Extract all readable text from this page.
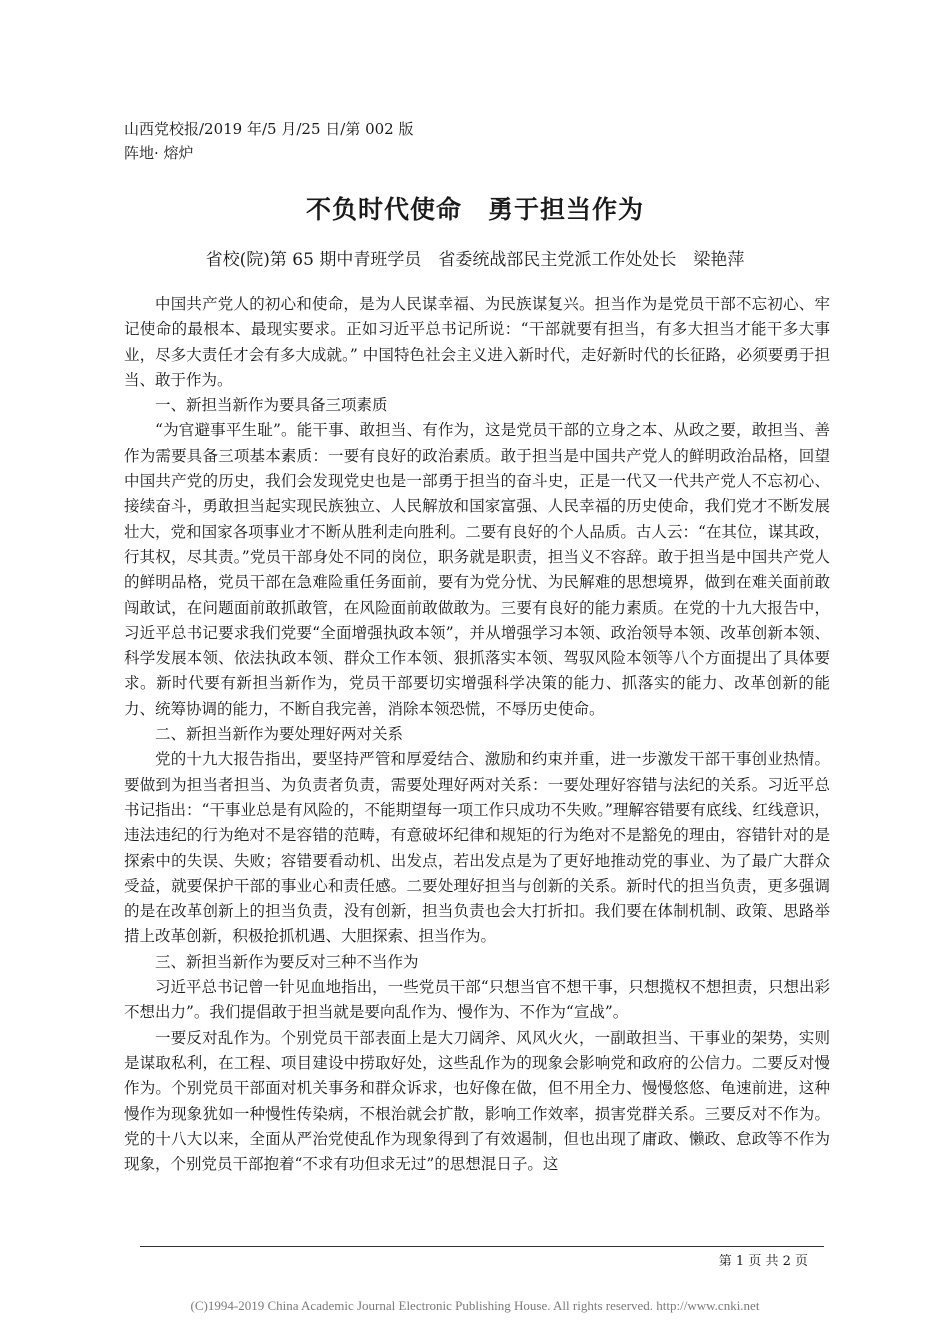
山西党校报/2019 年/5 月/25 日/第 002 版
阵地· 熔炉
不负时代使命　勇于担当作为

省校(院)第 65 期中青班学员　省委统战部民主党派工作处处长　梁艳萍

中国共产党人的初心和使命，是为人民谋幸福、为民族谋复兴。担当作为是党员干部不忘初心、牢记使命的最根本、最现实要求。正如习近平总书记所说：“干部就要有担当，有多大担当才能干多大事业，尽多大责任才会有多大成就。” 中国特色社会主义进入新时代，走好新时代的长征路，必须要勇于担当、敢于作为。

一、新担当新作为要具备三项素质

“为官避事平生耻”。能干事、敢担当、有作为，这是党员干部的立身之本、从政之要，敢担当、善作为需要具备三项基本素质：一要有良好的政治素质。敢于担当是中国共产党人的鲜明政治品格，回望中国共产党的历史，我们会发现党史也是一部勇于担当的奋斗史，正是一代又一代共产党人不忘初心、接续奋斗，勇敢担当起实现民族独立、人民解放和国家富强、人民幸福的历史使命，我们党才不断发展壮大，党和国家各项事业才不断从胜利走向胜利。二要有良好的个人品质。古人云：“在其位，谋其政，行其权，尽其责。”党员干部身处不同的岗位，职务就是职责，担当义不容辞。敢于担当是中国共产党人的鲜明品格，党员干部在急难险重任务面前，要有为党分忧、为民解难的思想境界，做到在难关面前敢闯敢试，在问题面前敢抓敢管，在风险面前敢做敢为。三要有良好的能力素质。在党的十九大报告中，习近平总书记要求我们党要“全面增强执政本领”，并从增强学习本领、政治领导本领、改革创新本领、科学发展本领、依法执政本领、群众工作本领、狠抓落实本领、驾驭风险本领等八个方面提出了具体要求。新时代要有新担当新作为，党员干部要切实增强科学决策的能力、抓落实的能力、改革创新的能力、统筹协调的能力，不断自我完善，消除本领恐慌，不辱历史使命。

二、新担当新作为要处理好两对关系

党的十九大报告指出，要坚持严管和厚爱结合、激励和约束并重，进一步激发干部干事创业热情。要做到为担当者担当、为负责者负责，需要处理好两对关系：一要处理好容错与法纪的关系。习近平总书记指出：“干事业总是有风险的，不能期望每一项工作只成功不失败。”理解容错要有底线、红线意识，违法违纪的行为绝对不是容错的范畴，有意破坏纪律和规矩的行为绝对不是豁免的理由，容错针对的是探索中的失误、失败；容错要看动机、出发点，若出发点是为了更好地推动党的事业、为了最广大群众受益，就要保护干部的事业心和责任感。二要处理好担当与创新的关系。新时代的担当负责，更多强调的是在改革创新上的担当负责，没有创新，担当负责也会大打折扣。我们要在体制机制、政策、思路举措上改革创新，积极抢抓机遇、大胆探索、担当作为。

三、新担当新作为要反对三种不当作为

习近平总书记曾一针见血地指出，一些党员干部“只想当官不想干事，只想揽权不想担责，只想出彩不想出力”。我们提倡敢于担当就是要向乱作为、慢作为、不作为“宣战”。

一要反对乱作为。个别党员干部表面上是大刀阔斧、风风火火，一副敢担当、干事业的架势，实则是谋取私利，在工程、项目建设中捞取好处，这些乱作为的现象会影响党和政府的公信力。二要反对慢作为。个别党员干部面对机关事务和群众诉求，也好像在做，但不用全力、慢慢悠悠、龟速前进，这种慢作为现象犹如一种慢性传染病，不根治就会扩散，影响工作效率，损害党群关系。三要反对不作为。党的十八大以来，全面从严治党使乱作为现象得到了有效遏制，但也出现了庸政、懒政、怠政等不作为现象，个别党员干部抱着“不求有功但求无过”的思想混日子。这

第 1 页 共 2 页
(C)1994-2019 China Academic Journal Electronic Publishing House. All rights reserved. http://www.cnki.net
